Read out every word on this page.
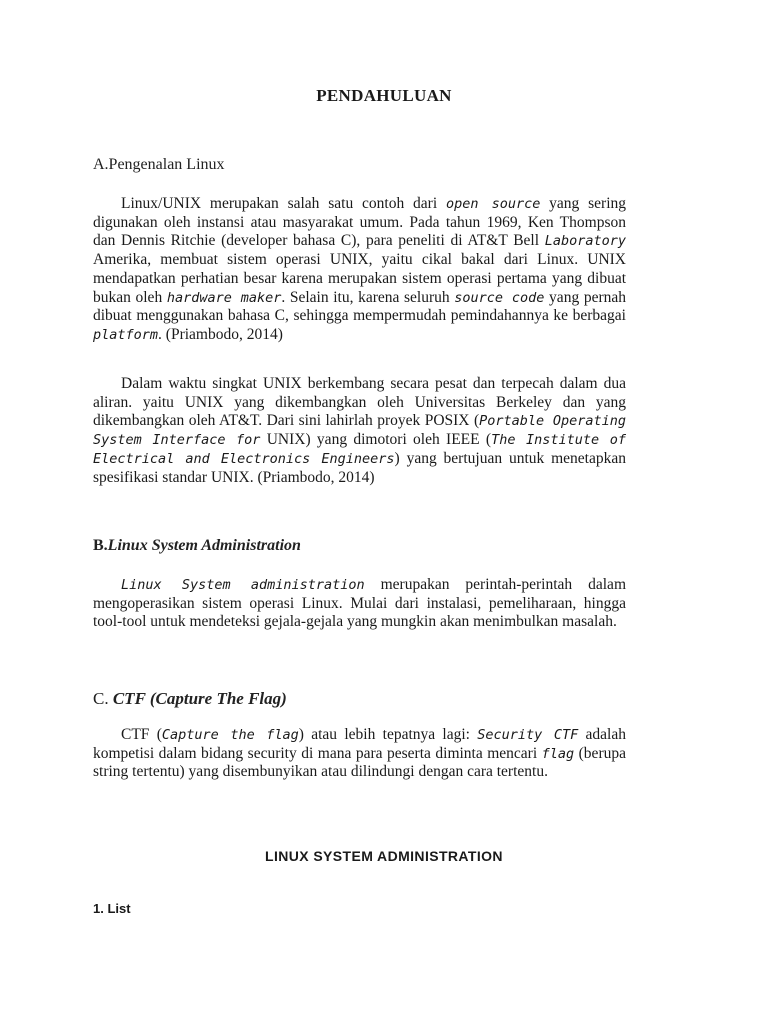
PENDAHULUAN
A.Pengenalan Linux

Linux/UNIX merupakan salah satu contoh dari open source yang sering digunakan oleh instansi atau masyarakat umum. Pada tahun 1969, Ken Thompson dan Dennis Ritchie (developer bahasa C), para peneliti di AT&T Bell Laboratory Amerika, membuat sistem operasi UNIX, yaitu cikal bakal dari Linux. UNIX mendapatkan perhatian besar karena merupakan sistem operasi pertama yang dibuat bukan oleh hardware maker. Selain itu, karena seluruh source code yang pernah dibuat menggunakan bahasa C, sehingga mempermudah pemindahannya ke berbagai platform. (Priambodo, 2014)

Dalam waktu singkat UNIX berkembang secara pesat dan terpecah dalam dua aliran. yaitu UNIX yang dikembangkan oleh Universitas Berkeley dan yang dikembangkan oleh AT&T. Dari sini lahirlah proyek POSIX (Portable Operating System Interface for UNIX) yang dimotori oleh IEEE (The Institute of Electrical and Electronics Engineers) yang bertujuan untuk menetapkan spesifikasi standar UNIX. (Priambodo, 2014)

B.Linux System Administration

Linux System administration merupakan perintah-perintah dalam mengoperasikan sistem operasi Linux. Mulai dari instalasi, pemeliharaan, hingga tool-tool untuk mendeteksi gejala-gejala yang mungkin akan menimbulkan masalah.

C. CTF (Capture The Flag)

CTF (Capture the flag) atau lebih tepatnya lagi: Security CTF adalah kompetisi dalam bidang security di mana para peserta diminta mencari flag (berupa string tertentu) yang disembunyikan atau dilindungi dengan cara tertentu.

LINUX SYSTEM ADMINISTRATION
1. List
